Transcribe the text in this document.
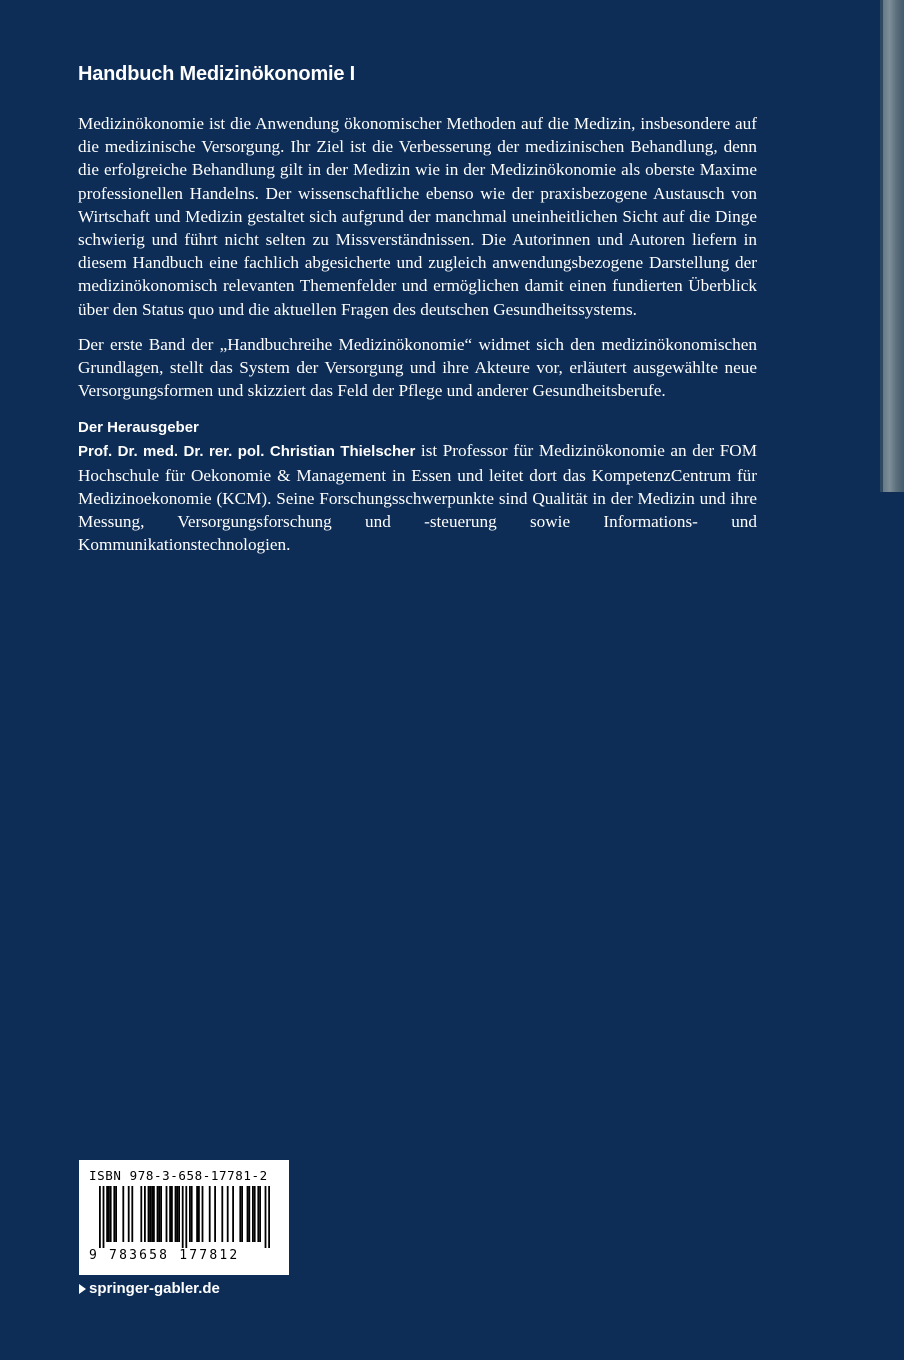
Handbuch Medizinökonomie I

Medizinökonomie ist die Anwendung ökonomischer Methoden auf die Medizin, insbesondere auf die medizinische Versorgung. Ihr Ziel ist die Verbesserung der medizinischen Behandlung, denn die erfolgreiche Behandlung gilt in der Medizin wie in der Medizinökonomie als oberste Maxime professionellen Handelns. Der wissenschaftliche ebenso wie der praxisbezogene Austausch von Wirtschaft und Medizin gestaltet sich aufgrund der manchmal uneinheitlichen Sicht auf die Dinge schwierig und führt nicht selten zu Missverständnissen. Die Autorinnen und Autoren liefern in diesem Handbuch eine fachlich abgesicherte und zugleich anwendungsbezogene Darstellung der medizinökonomisch relevanten Themenfelder und ermöglichen damit einen fundierten Überblick über den Status quo und die aktuellen Fragen des deutschen Gesundheitssystems.

Der erste Band der „Handbuchreihe Medizinökonomie“ widmet sich den medizinökonomischen Grundlagen, stellt das System der Versorgung und ihre Akteure vor, erläutert ausgewählte neue Versorgungsformen und skizziert das Feld der Pflege und anderer Gesundheitsberufe.

Der Herausgeber

Prof. Dr. med. Dr. rer. pol. Christian Thielscher ist Professor für Medizinökonomie an der FOM Hochschule für Oekonomie & Management in Essen und leitet dort das KompetenzCentrum für Medizinoekonomie (KCM). Seine Forschungsschwerpunkte sind Qualität in der Medizin und ihre Messung, Versorgungsforschung und -steuerung sowie Informations- und Kommunikationstechnologien.

ISBN 978-3-658-17781-2
9 783658 177812
springer-gabler.de
